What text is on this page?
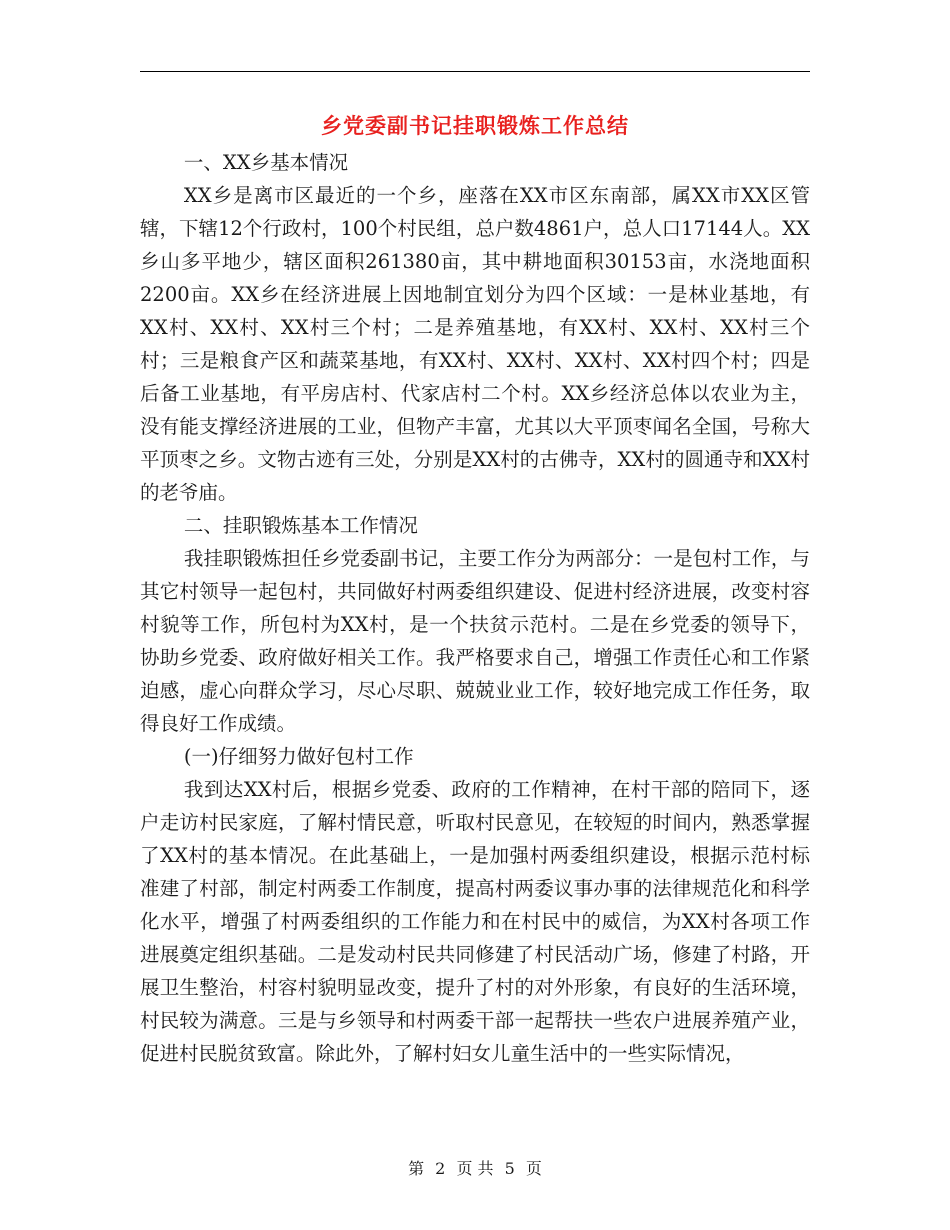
乡党委副书记挂职锻炼工作总结

一、XX乡基本情况

XX乡是离市区最近的一个乡，座落在XX市区东南部，属XX市XX区管辖，下辖12个行政村，100个村民组，总户数4861户，总人口17144人。XX乡山多平地少，辖区面积261380亩，其中耕地面积30153亩，水浇地面积2200亩。XX乡在经济进展上因地制宜划分为四个区域：一是林业基地，有XX村、XX村、XX村三个村；二是养殖基地，有XX村、XX村、XX村三个村；三是粮食产区和蔬菜基地，有XX村、XX村、XX村、XX村四个村；四是后备工业基地，有平房店村、代家店村二个村。XX乡经济总体以农业为主，没有能支撑经济进展的工业，但物产丰富，尤其以大平顶枣闻名全国，号称大平顶枣之乡。文物古迹有三处，分别是XX村的古佛寺，XX村的圆通寺和XX村的老爷庙。

二、挂职锻炼基本工作情况

我挂职锻炼担任乡党委副书记，主要工作分为两部分：一是包村工作，与其它村领导一起包村，共同做好村两委组织建设、促进村经济进展，改变村容村貌等工作，所包村为XX村，是一个扶贫示范村。二是在乡党委的领导下，协助乡党委、政府做好相关工作。我严格要求自己，增强工作责任心和工作紧迫感，虚心向群众学习，尽心尽职、兢兢业业工作，较好地完成工作任务，取得良好工作成绩。

(一)仔细努力做好包村工作

我到达XX村后，根据乡党委、政府的工作精神，在村干部的陪同下，逐户走访村民家庭，了解村情民意，听取村民意见，在较短的时间内，熟悉掌握了XX村的基本情况。在此基础上，一是加强村两委组织建设，根据示范村标准建了村部，制定村两委工作制度，提高村两委议事办事的法律规范化和科学化水平，增强了村两委组织的工作能力和在村民中的威信，为XX村各项工作进展奠定组织基础。二是发动村民共同修建了村民活动广场，修建了村路，开展卫生整治，村容村貌明显改变，提升了村的对外形象，有良好的生活环境，村民较为满意。三是与乡领导和村两委干部一起帮扶一些农户进展养殖产业，促进村民脱贫致富。除此外，了解村妇女儿童生活中的一些实际情况，

第 2 页 共 5 页
